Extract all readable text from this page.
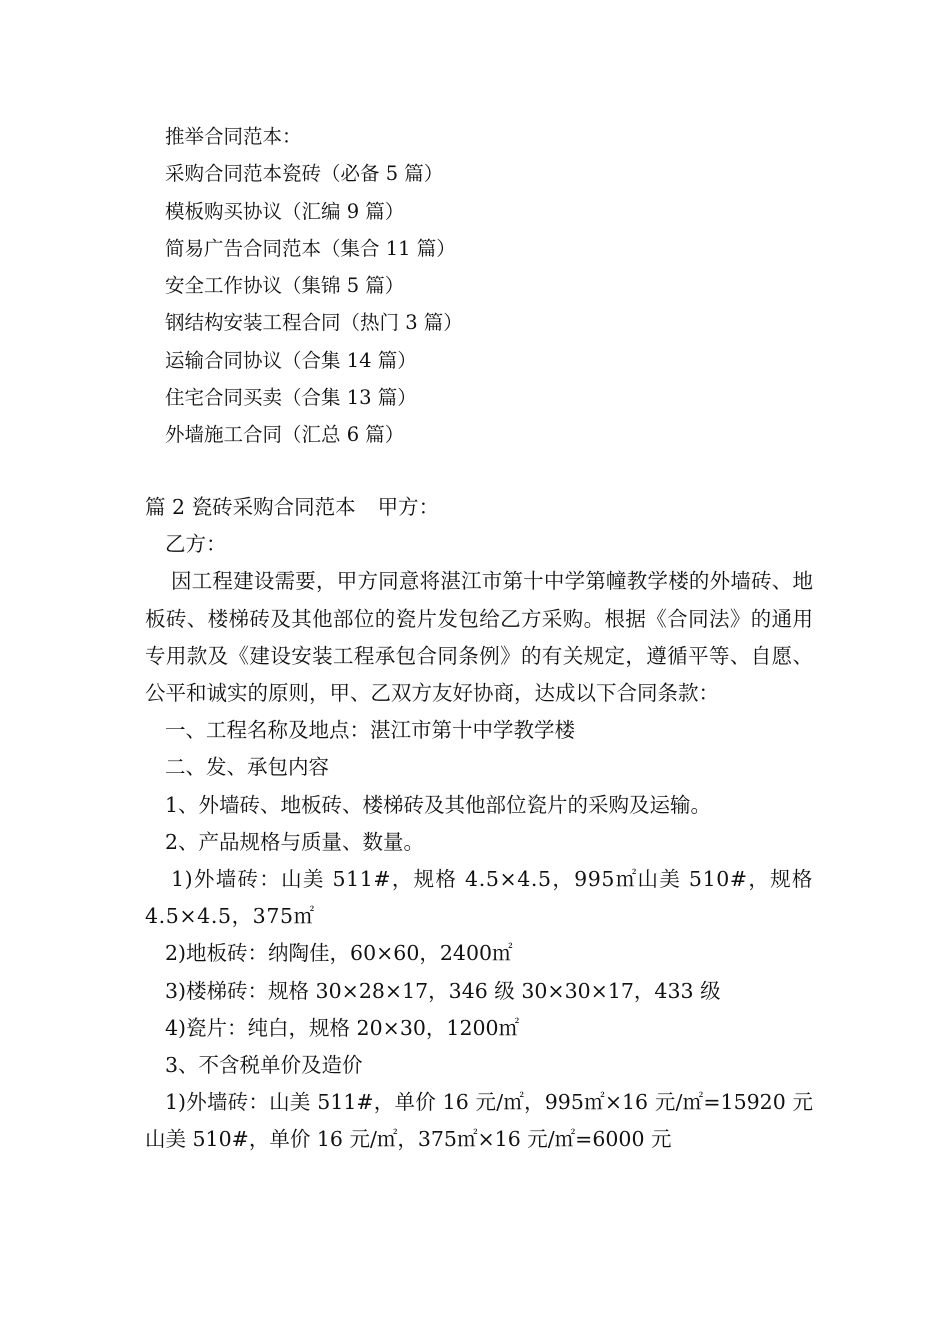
推举合同范本：
采购合同范本瓷砖（必备 5 篇）
模板购买协议（汇编 9 篇）
简易广告合同范本（集合 11 篇）
安全工作协议（集锦 5 篇）
钢结构安装工程合同（热门 3 篇）
运输合同协议（合集 14 篇）
住宅合同买卖（合集 13 篇）
外墙施工合同（汇总 6 篇）

篇 2 瓷砖采购合同范本 甲方：

乙方：

因工程建设需要，甲方同意将湛江市第十中学第幢教学楼的外墙砖、地板砖、楼梯砖及其他部位的瓷片发包给乙方采购。根据《合同法》的通用专用款及《建设安装工程承包合同条例》的有关规定，遵循平等、自愿、公平和诚实的原则，甲、乙双方友好协商，达成以下合同条款：

一、工程名称及地点：湛江市第十中学教学楼

二、发、承包内容

1、外墙砖、地板砖、楼梯砖及其他部位瓷片的采购及运输。

2、产品规格与质量、数量。

1)外墙砖：山美 511#，规格 4.5×4.5，995㎡山美 510#，规格 4.5×4.5，375㎡

2)地板砖：纳陶佳，60×60，2400㎡

3)楼梯砖：规格 30×28×17，346 级 30×30×17，433 级

4)瓷片：纯白，规格 20×30，1200㎡

3、不含税单价及造价

1)外墙砖：山美 511#，单价 16 元/㎡，995㎡×16 元/㎡=15920 元山美 510#，单价 16 元/㎡，375㎡×16 元/㎡=6000 元
